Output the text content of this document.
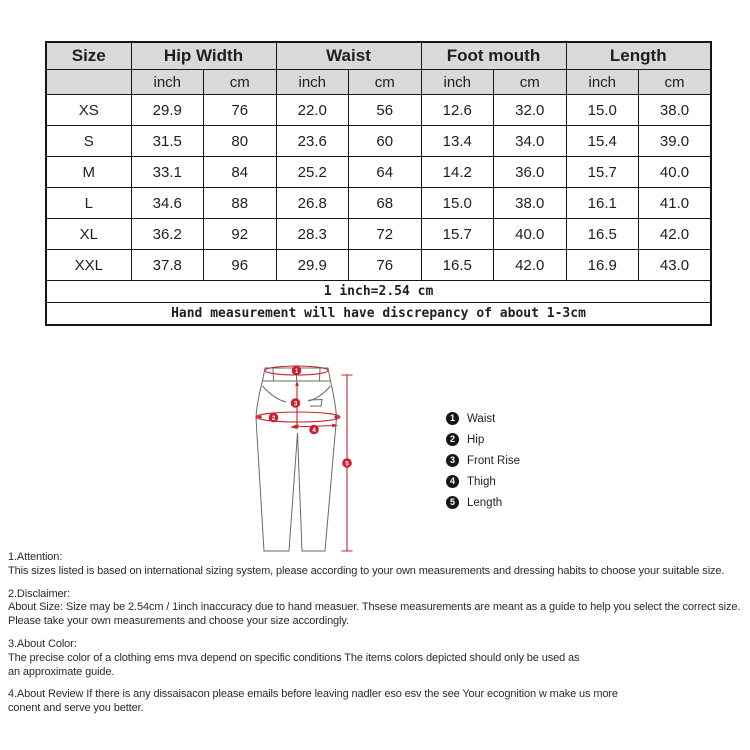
Size	Hip Width		Waist		Foot mouth		Length	
	inch	cm	inch	cm	inch	cm	inch	cm
XS	29.9	76	22.0	56	12.6	32.0	15.0	38.0
S	31.5	80	23.6	60	13.4	34.0	15.4	39.0
M	33.1	84	25.2	64	14.2	36.0	15.7	40.0
L	34.6	88	26.8	68	15.0	38.0	16.1	41.0
XL	36.2	92	28.3	72	15.7	40.0	16.5	42.0
XXL	37.8	96	29.9	76	16.5	42.0	16.9	43.0
1 inch=2.54 cm								
Hand measurement will have discrepancy of about 1-3cm								
1
3
2
4
5
1	Waist
2	Hip
3	Front Rise
4	Thigh
5	Length
1.Attention:
This sizes listed is based on international sizing system, please according to your own measurements and dressing habits to choose your suitable size.
2.Disclaimer:
About Size: Size may be 2.54cm / 1inch inaccuracy due to hand measuer. Thsese measurements are meant as a guide to help you select the correct size.
Please take your own measurements and choose your size accordingly.
3.About Color:
The precise color of a clothing ems mva depend on specific conditions The items colors depicted should only be used as
an approximate guide.
4.About Review If there is any dissaisacon please emails before leaving nadler eso esv the see Your ecognition w make us more
conent and serve you better.
